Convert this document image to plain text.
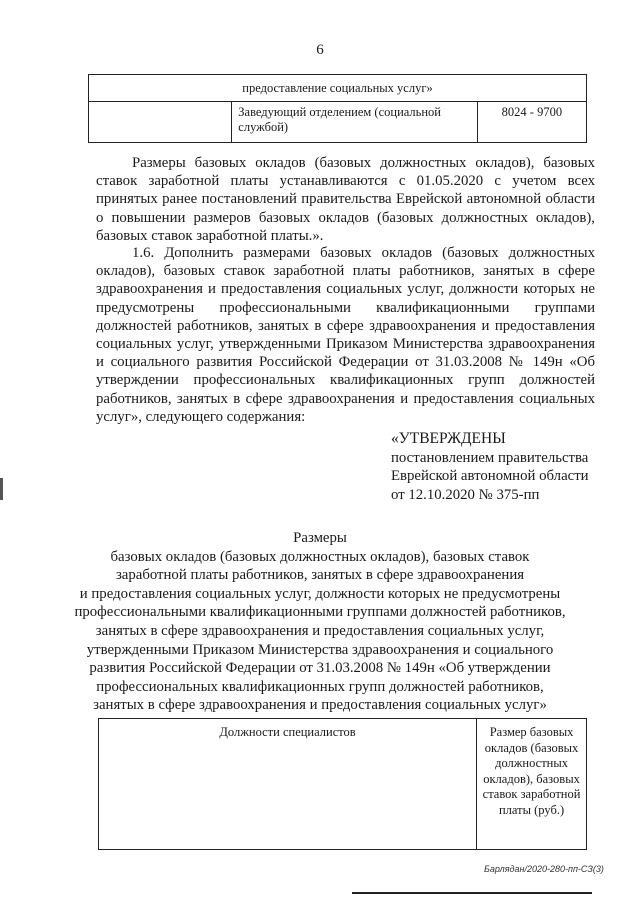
6
предоставление социальных услуг»
	Заведующий отделением (социальной службой)	8024 - 9700
Размеры базовых окладов (базовых должностных окладов), базовых ставок заработной платы устанавливаются с 01.05.2020 с учетом всех принятых ранее постановлений правительства Еврейской автономной области о повышении размеров базовых окладов (базовых должностных окладов), базовых ставок заработной платы.».
1.6. Дополнить размерами базовых окладов (базовых должностных окладов), базовых ставок заработной платы работников, занятых в сфере здравоохранения и предоставления социальных услуг, должности которых не предусмотрены профессиональными квалификационными группами должностей работников, занятых в сфере здравоохранения и предоставления социальных услуг, утвержденными Приказом Министерства здравоохранения и социального развития Российской Федерации от 31.03.2008 № 149н «Об утверждении профессиональных квалификационных групп должностей работников, занятых в сфере здравоохранения и предоставления социальных услуг», следующего содержания:
«УТВЕРЖДЕНЫ
постановлением правительства
Еврейской автономной области
от 12.10.2020 № 375-пп
Размеры
базовых окладов (базовых должностных окладов), базовых ставок
заработной платы работников, занятых в сфере здравоохранения
и предоставления социальных услуг, должности которых не предусмотрены
профессиональными квалификационными группами должностей работников,
занятых в сфере здравоохранения и предоставления социальных услуг,
утвержденными Приказом Министерства здравоохранения и социального
развития Российской Федерации от 31.03.2008 № 149н «Об утверждении
профессиональных квалификационных групп должностей работников,
занятых в сфере здравоохранения и предоставления социальных услуг»
Должности специалистов	Размер базовых
окладов (базовых
должностных
окладов), базовых
ставок заработной
платы (руб.)
Барлядан/2020-280-пп-СЗ(3)
